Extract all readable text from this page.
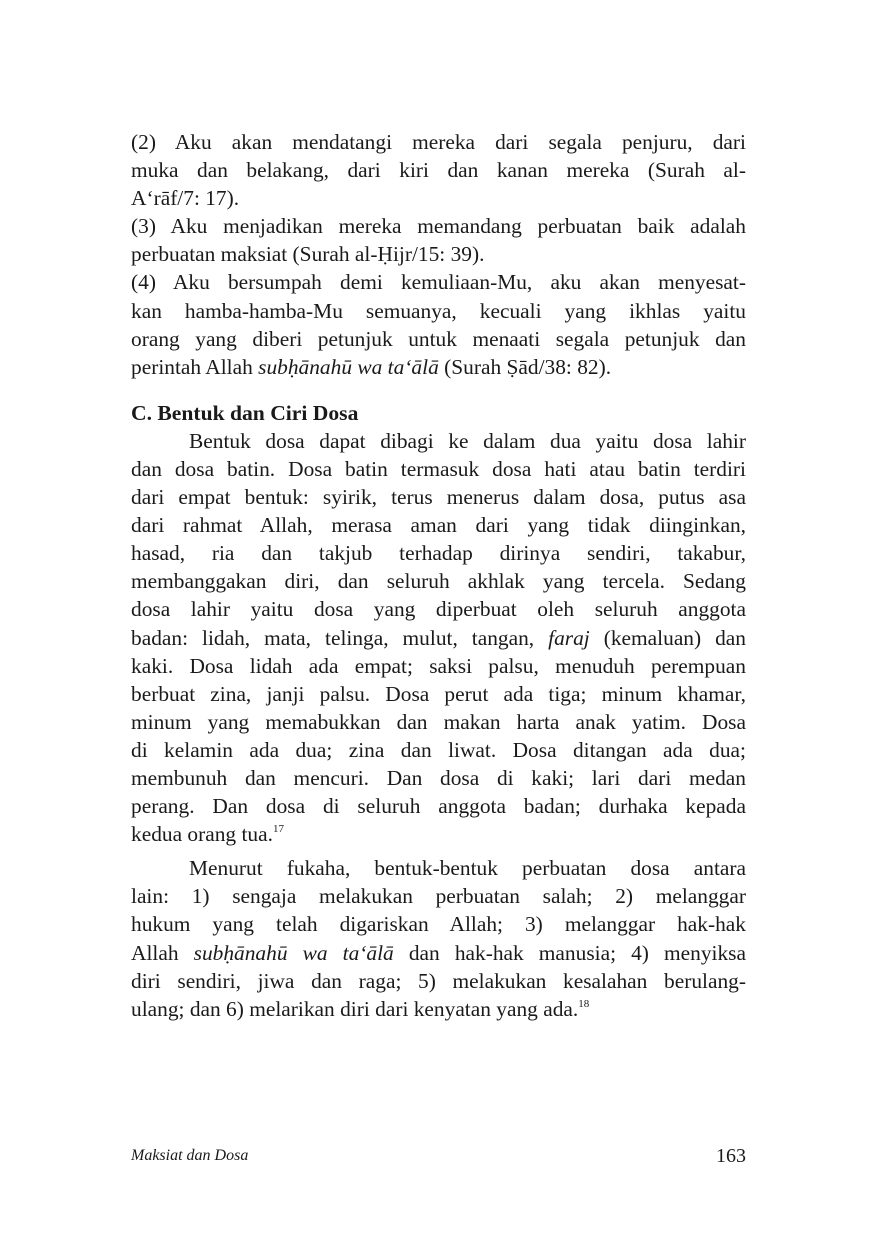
(2) Aku akan mendatangi mereka dari segala penjuru, dari
muka dan belakang, dari kiri dan kanan mereka (Surah al-
A‘rāf/7: 17).
(3) Aku menjadikan mereka memandang perbuatan baik adalah
perbuatan maksiat (Surah al-Ḥijr/15: 39).
(4) Aku bersumpah demi kemuliaan-Mu, aku akan menyesat-
kan hamba-hamba-Mu semuanya, kecuali yang ikhlas yaitu
orang yang diberi petunjuk untuk menaati segala petunjuk dan
perintah Allah subḥānahū wa ta‘ālā (Surah Ṣād/38: 82).
C. Bentuk dan Ciri Dosa
Bentuk dosa dapat dibagi ke dalam dua yaitu dosa lahir
dan dosa batin. Dosa batin termasuk dosa hati atau batin terdiri
dari empat bentuk: syirik, terus menerus dalam dosa, putus asa
dari rahmat Allah, merasa aman dari yang tidak diinginkan,
hasad, ria dan takjub terhadap dirinya sendiri, takabur,
membanggakan diri, dan seluruh akhlak yang tercela. Sedang
dosa lahir yaitu dosa yang diperbuat oleh seluruh anggota
badan: lidah, mata, telinga, mulut, tangan, faraj (kemaluan) dan
kaki. Dosa lidah ada empat; saksi palsu, menuduh perempuan
berbuat zina, janji palsu. Dosa perut ada tiga; minum khamar,
minum yang memabukkan dan makan harta anak yatim. Dosa
di kelamin ada dua; zina dan liwat. Dosa ditangan ada dua;
membunuh dan mencuri. Dan dosa di kaki; lari dari medan
perang. Dan dosa di seluruh anggota badan; durhaka kepada
kedua orang tua.$^{17}$
Menurut fukaha, bentuk-bentuk perbuatan dosa antara
lain: 1) sengaja melakukan perbuatan salah; 2) melanggar
hukum yang telah digariskan Allah; 3) melanggar hak-hak
Allah subḥānahū wa ta‘ālā dan hak-hak manusia; 4) menyiksa
diri sendiri, jiwa dan raga; 5) melakukan kesalahan berulang-
ulang; dan 6) melarikan diri dari kenyatan yang ada.$^{18}$
Maksiat dan Dosa	163
